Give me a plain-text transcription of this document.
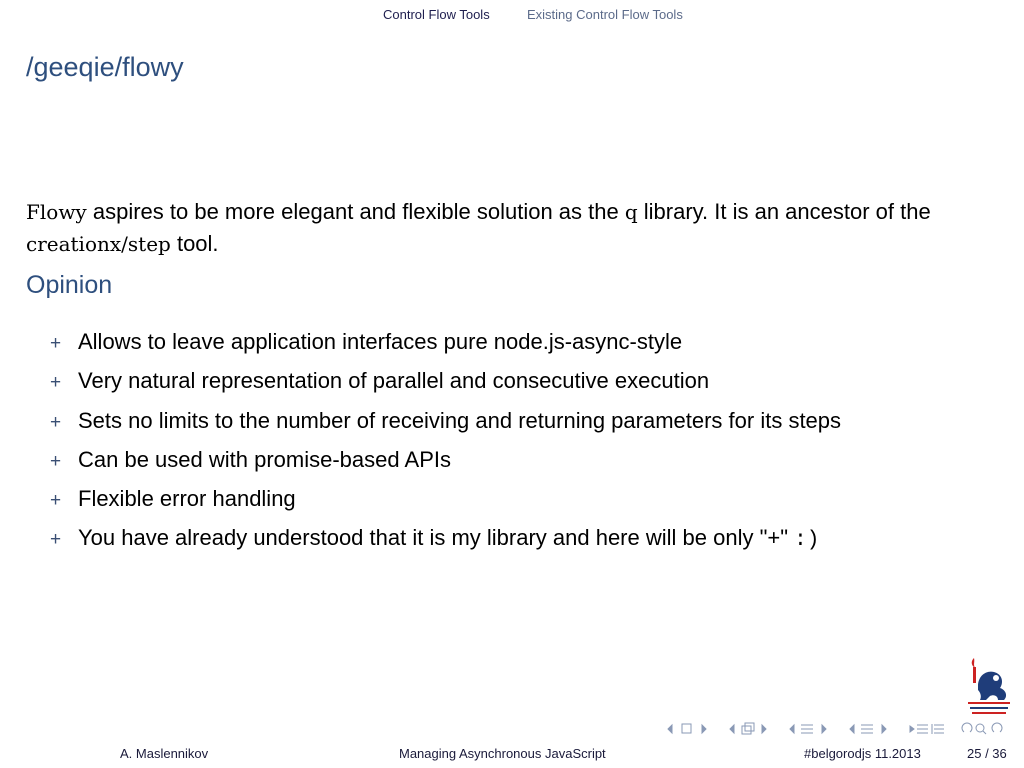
Control Flow Tools	Existing Control Flow Tools
/geeqie/flowy
Flowy aspires to be more elegant and flexible solution as the q library. It is an ancestor of the creationx/step tool.
Opinion
+ Allows to leave application interfaces pure node.js-async-style
+ Very natural representation of parallel and consecutive execution
+ Sets no limits to the number of receiving and returning parameters for its steps
+ Can be used with promise-based APIs
+ Flexible error handling
+ You have already understood that it is my library and here will be only "+" :)
A. Maslennikov	Managing Asynchronous JavaScript	#belgorodjs 11.2013	25 / 36
